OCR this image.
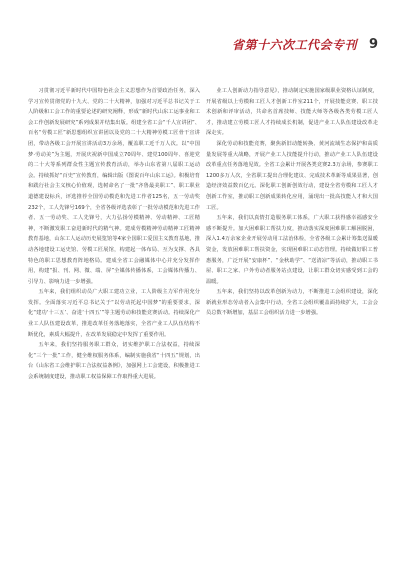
省第十六次工代会专刊 9

习贯彻习近平新时代中国特色社会主义思想作为首要政治任务，深入学习宣传贯彻党的十九大、党的二十大精神，加强对习近平总书记关于工人阶级和工会工作的重要论述的研究阐释，形成“新时代山东工运事业和工会工作创新发展研究”系列成果并结集出版。组建全省工会“千人宣讲团”、百名“劳模工匠”新思想组织宣讲团以及党的二十大精神劳模工匠骨干宣讲团，带动各级工会开展宣讲活动3万余场，覆盖职工近千万人次。以“中国梦·劳动美”为主题，开展庆祝新中国成立70周年、建党100周年、喜迎党的二十大等系列群众性主题宣传教育活动，举办山东省第八届职工运动会。持续抓好“百史”宣传教育，编辑出版《图说百年山东工运》。积极培育和践行社会主义核心价值观，选树命名了一批“齐鲁最美职工”、职工职业道德建设标兵，评选推荐全国劳动模范和先进工作者125名，五一劳动奖232个，工人先锋号169个，全省各级评选表彰了一批劳动模范和先进工作者、五一劳动奖、工人先锋号，大力弘扬劳模精神、劳动精神、工匠精神，不断激发职工奋进新时代的精气神。建成劳模精神劳动精神工匠精神教育基地，山东工人运动历史展览馆等4家全国职工爱国主义教育基地，推动各地建设工运史馆、劳模工匠展馆，构建起一体布局、互为支撑、各具特色的职工思想教育阵地格局。建成全省工会融媒体中心并充分发挥作用，构建“报、刊、网、微、端、屏”全媒体传播体系，工会媒体传播力、引导力、影响力进一步增强。

五年来，我们组织动员广大职工建功立业，工人阶级主力军作用充分发挥。全面落实习近平总书记关于“以劳动托起中国梦”的重要要求，深化“建功‘十三五’、奋进‘十四五’”等主题劳动和技能竞赛活动。持续深化产业工人队伍建设改革，推进改革任务落地落实，全省产业工人队伍结构不断优化，素质大幅提升，在改革发展稳定中发挥了重要作用。

五年来，我们坚持服务职工群众，切实维护职工合法权益，持续深化“三个一批”工作，健全维权服务体系，编制实施我省“十四五”规划，出台《山东省工会维护职工合法权益条例》，加强网上工会建设，积极推进工会系统制度建设，推动职工权益保障工作取得重大进展。

业工人创新动力指导意见》，推动制定实施国家级职业资格认证制度，开展省级以上劳模和工匠人才创新工作室211个，开展技能竞赛、职工技术创新和评审活动，共命名首席技师、技能大师等各级各类劳模工匠人才，推动建立劳模工匠人才持续成长机制，促进产业工人队伍建设改革走深走实。

深化劳动和技能竞赛，聚焦新旧动能转换、黄河流域生态保护和高质量发展等重大战略，开展产业工人技能提升行动，推动产业工人队伍建设改革重点任务落地见效。全省工会累计开展各类竞赛2.3万余场，参赛职工1200多万人次，全省职工提出合理化建议、完成技术革新等成果显著，创造经济效益数百亿元。深化职工创新创效行动，建设全省劳模和工匠人才创新工作室，推动职工创新成果转化应用，涌现出一批高技能人才和大国工匠。

五年来，我们以真情打造服务职工体系，广大职工获得感幸福感安全感不断提升。加大困难职工帮扶力度，推动落实深度困难职工解困脱困，深入1.4万余家企业开展劳动用工法治体检，全省各级工会累计筹集送温暖资金，发放困难职工帮扶资金，实现困难职工动态管理。持续做好职工普惠服务，广泛开展“安康杯”、“金秋助学”、“送清凉”等活动，推动职工书屋、职工之家、户外劳动者服务站点建设，让职工群众切实感受到工会的温暖。

五年来，我们坚持以改革创新为动力，不断推进工会组织建设，深化新就业形态劳动者入会集中行动，全省工会组织覆盖面持续扩大，工会会员总数不断增加，基层工会组织活力进一步增强。
